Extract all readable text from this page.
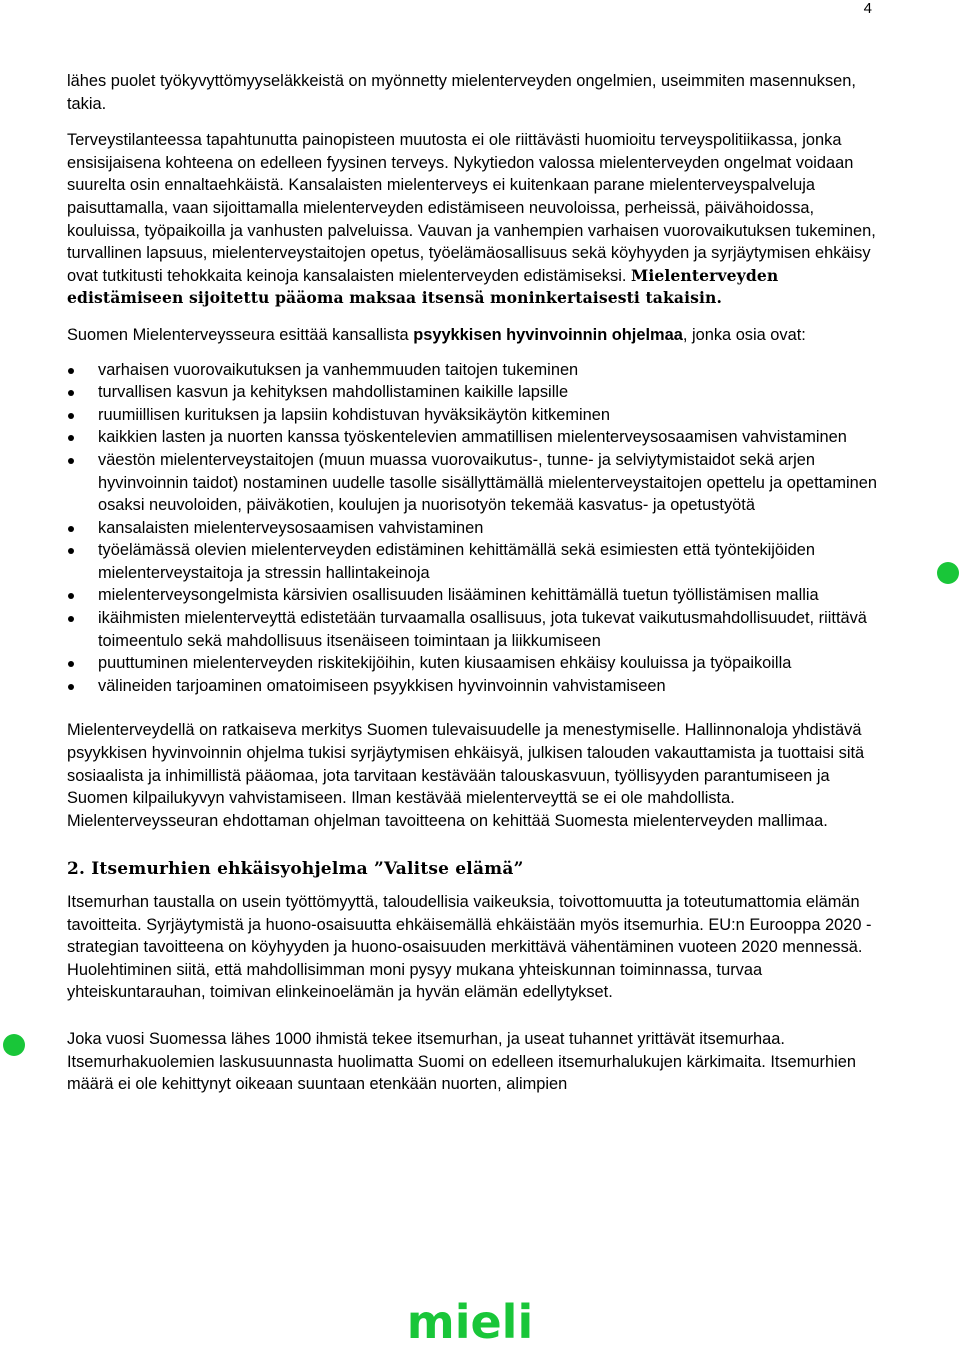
4

lähes puolet työkyvyttömyyseläkkeistä on myönnetty mielenterveyden ongelmien, useimmiten masennuksen, takia.

Terveystilanteessa tapahtunutta painopisteen muutosta ei ole riittävästi huomioitu terveyspolitiikassa, jonka ensisijaisena kohteena on edelleen fyysinen terveys. Nykytiedon valossa mielenterveyden ongelmat voidaan suurelta osin ennaltaehkäistä. Kansalaisten mielenterveys ei kuitenkaan parane mielenterveyspalveluja paisuttamalla, vaan sijoittamalla mielenterveyden edistämiseen neuvoloissa, perheissä, päivähoidossa, kouluissa, työpaikoilla ja vanhusten palveluissa. Vauvan ja vanhempien varhaisen vuorovaikutuksen tukeminen, turvallinen lapsuus, mielenterveystaitojen opetus, työelämäosallisuus sekä köyhyyden ja syrjäytymisen ehkäisy ovat tutkitusti tehokkaita keinoja kansalaisten mielenterveyden edistämiseksi. Mielenterveyden edistämiseen sijoitettu pääoma maksaa itsensä moninkertaisesti takaisin.

Suomen Mielenterveysseura esittää kansallista psyykkisen hyvinvoinnin ohjelmaa, jonka osia ovat:

varhaisen vuorovaikutuksen ja vanhemmuuden taitojen tukeminen
turvallisen kasvun ja kehityksen mahdollistaminen kaikille lapsille
ruumiillisen kurituksen ja lapsiin kohdistuvan hyväksikäytön kitkeminen
kaikkien lasten ja nuorten kanssa työskentelevien ammatillisen mielenterveysosaamisen vahvistaminen
väestön mielenterveystaitojen (muun muassa vuorovaikutus-, tunne- ja selviytymistaidot sekä arjen hyvinvoinnin taidot) nostaminen uudelle tasolle sisällyttämällä mielenterveystaitojen opettelu ja opettaminen osaksi neuvoloiden, päiväkotien, koulujen ja nuorisotyön tekemää kasvatus- ja opetustyötä
kansalaisten mielenterveysosaamisen vahvistaminen
työelämässä olevien mielenterveyden edistäminen kehittämällä sekä esimiesten että työntekijöiden mielenterveystaitoja ja stressin hallintakeinoja
mielenterveysongelmista kärsivien osallisuuden lisääminen kehittämällä tuetun työllistämisen mallia
ikäihmisten mielenterveyttä edistetään turvaamalla osallisuus, jota tukevat vaikutusmahdollisuudet, riittävä toimeentulo sekä mahdollisuus itsenäiseen toimintaan ja liikkumiseen
puuttuminen mielenterveyden riskitekijöihin, kuten kiusaamisen ehkäisy kouluissa ja työpaikoilla
välineiden tarjoaminen omatoimiseen psyykkisen hyvinvoinnin vahvistamiseen

Mielenterveydellä on ratkaiseva merkitys Suomen tulevaisuudelle ja menestymiselle. Hallinnonaloja yhdistävä psyykkisen hyvinvoinnin ohjelma tukisi syrjäytymisen ehkäisyä, julkisen talouden vakauttamista ja tuottaisi sitä sosiaalista ja inhimillistä pääomaa, jota tarvitaan kestävään talouskasvuun, työllisyyden parantumiseen ja Suomen kilpailukyvyn vahvistamiseen. Ilman kestävää mielenterveyttä se ei ole mahdollista. Mielenterveysseuran ehdottaman ohjelman tavoitteena on kehittää Suomesta mielenterveyden mallimaa.

2. Itsemurhien ehkäisyohjelma ”Valitse elämä”

Itsemurhan taustalla on usein työttömyyttä, taloudellisia vaikeuksia, toivottomuutta ja toteutumattomia elämän tavoitteita. Syrjäytymistä ja huono-osaisuutta ehkäisemällä ehkäistään myös itsemurhia. EU:n Eurooppa 2020 -strategian tavoitteena on köyhyyden ja huono-osaisuuden merkittävä vähentäminen vuoteen 2020 mennessä. Huolehtiminen siitä, että mahdollisimman moni pysyy mukana yhteiskunnan toiminnassa, turvaa yhteiskuntarauhan, toimivan elinkeinoelämän ja hyvän elämän edellytykset.

Joka vuosi Suomessa lähes 1000 ihmistä tekee itsemurhan, ja useat tuhannet yrittävät itsemurhaa. Itsemurhakuolemien laskusuunnasta huolimatta Suomi on edelleen itsemurhalukujen kärkimaita. Itsemurhien määrä ei ole kehittynyt oikeaan suuntaan etenkään nuorten, alimpien

mieli
